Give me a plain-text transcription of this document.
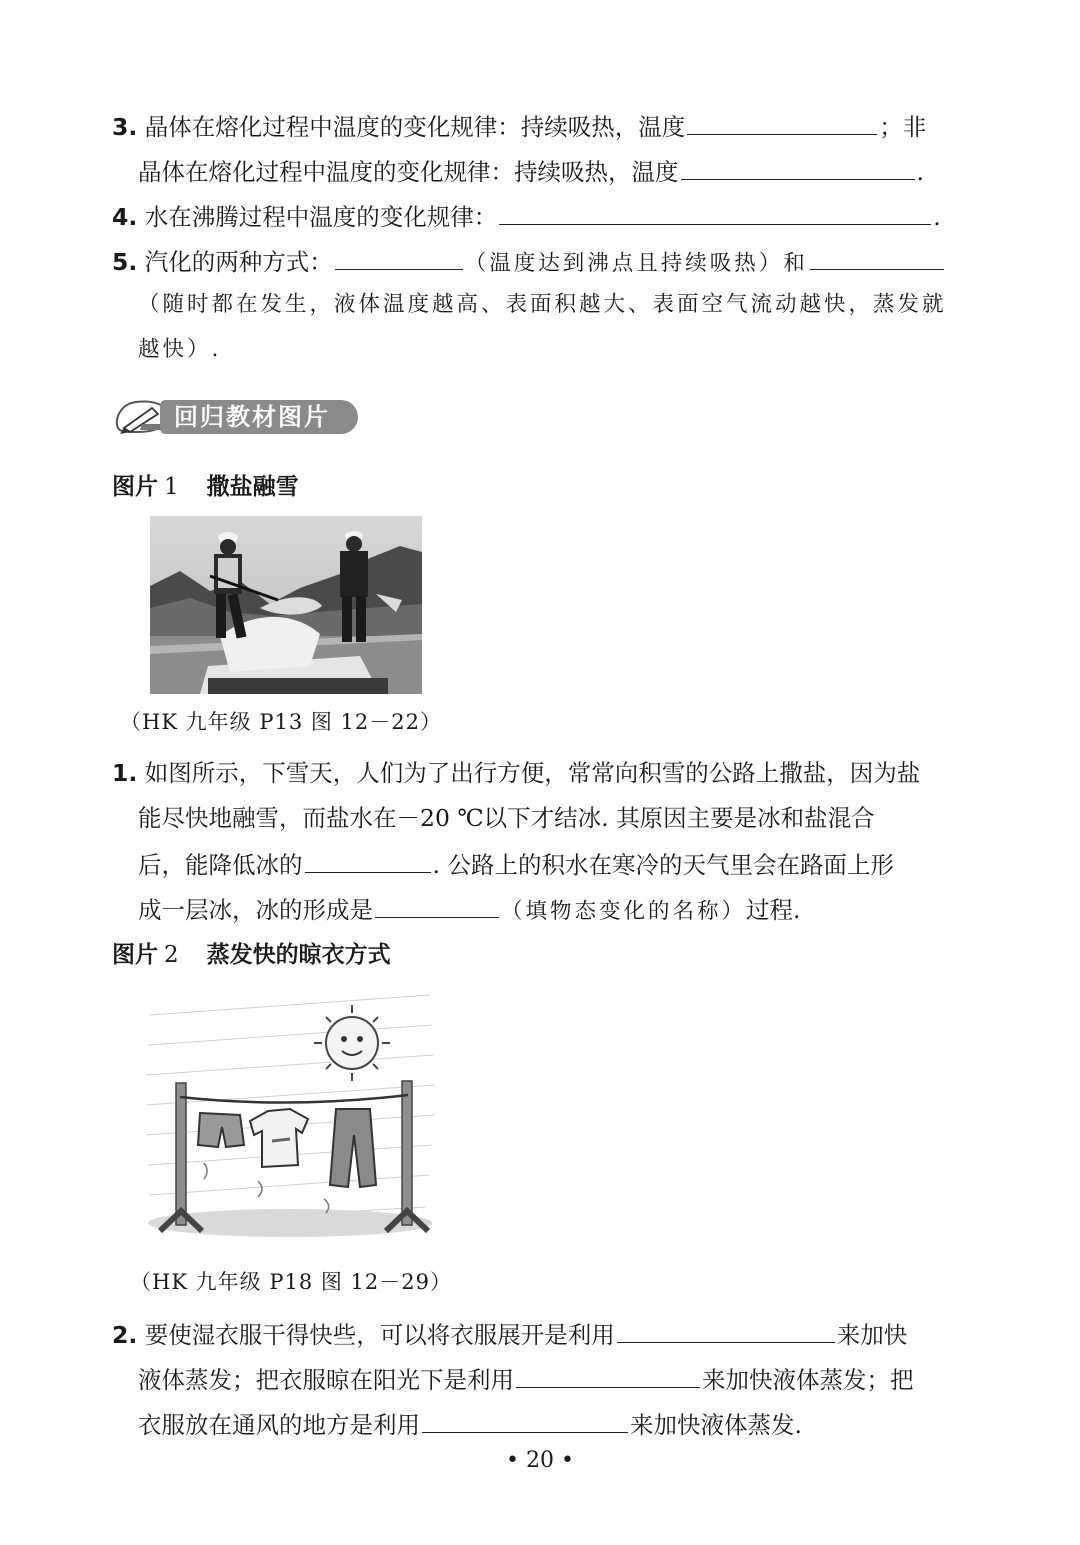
3. 晶体在熔化过程中温度的变化规律：持续吸热，温度	；非
晶体在熔化过程中温度的变化规律：持续吸热，温度	.
4. 水在沸腾过程中温度的变化规律：	.
5. 汽化的两种方式：	（温度达到沸点且持续吸热）和
（随时都在发生，液体温度越高、表面积越大、表面空气流动越快，蒸发就
越快）.
回归教材图片
图片 1 撒盐融雪
（HK 九年级 P13 图 12－22）
1. 如图所示，下雪天，人们为了出行方便，常常向积雪的公路上撒盐，因为盐
能尽快地融雪，而盐水在－20 ℃以下才结冰. 其原因主要是冰和盐混合
后，能降低冰的	. 公路上的积水在寒冷的天气里会在路面上形
成一层冰，冰的形成是	（填物态变化的名称）过程.
图片 2 蒸发快的晾衣方式
（HK 九年级 P18 图 12－29）
2. 要使湿衣服干得快些，可以将衣服展开是利用	来加快
液体蒸发；把衣服晾在阳光下是利用	来加快液体蒸发；把
衣服放在通风的地方是利用	来加快液体蒸发.
• 20 •
